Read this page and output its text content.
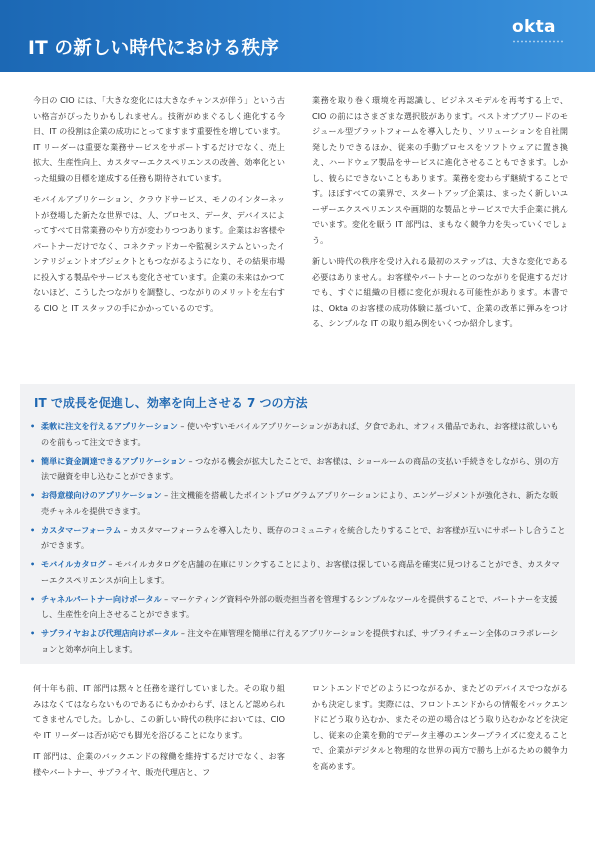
IT の新しい時代における秩序
okta

今日の CIO には、「大きな変化には大きなチャンスが伴う」という古い格言がぴったりかもしれません。技術がめまぐるしく進化する今日、IT の役割は企業の成功にとってますます重要性を増しています。IT リーダーは重要な業務サービスをサポートするだけでなく、売上拡大、生産性向上、カスタマーエクスペリエンスの改善、効率化といった組織の目標を達成する任務も期待されています。

モバイルアプリケーション、クラウドサービス、モノのインターネットが登場した新たな世界では、人、プロセス、データ、デバイスによってすべて日常業務のやり方が変わりつつあります。企業はお客様やパートナーだけでなく、コネクテッドカーや監視システムといったインテリジェントオブジェクトともつながるようになり、その結果市場に投入する製品やサービスも変化させています。企業の未来はかつてないほど、こうしたつながりを調整し、つながりのメリットを左右する CIO と IT スタッフの手にかかっているのです。

業務を取り巻く環境を再認識し、ビジネスモデルを再考する上で、CIO の前にはさまざまな選択肢があります。ベストオブブリードのモジュール型プラットフォームを導入したり、ソリューションを自社開発したりできるほか、従来の手動プロセスをソフトウェアに置き換え、ハードウェア製品をサービスに進化させることもできます。しかし、彼らにできないこともあります。業務を変わらず継続することです。ほぼすべての業界で、スタートアップ企業は、まったく新しいユーザーエクスペリエンスや画期的な製品とサービスで大手企業に挑んでいます。変化を厭う IT 部門は、まもなく競争力を失っていくでしょう。

新しい時代の秩序を受け入れる最初のステップは、大きな変化である必要はありません。お客様やパートナーとのつながりを促進するだけでも、すぐに組織の目標に変化が現れる可能性があります。本書では、Okta のお客様の成功体験に基づいて、企業の改革に弾みをつける、シンプルな IT の取り組み例をいくつか紹介します。

IT で成長を促進し、効率を向上させる 7 つの方法
• 柔軟に注文を行えるアプリケーション – 使いやすいモバイルアプリケーションがあれば、夕食であれ、オフィス備品であれ、お客様は欲しいものを前もって注文できます。
• 簡単に資金調達できるアプリケーション – つながる機会が拡大したことで、お客様は、ショールームの商品の支払い手続きをしながら、別の方法で融資を申し込むことができます。
• お得意様向けのアプリケーション – 注文機能を搭載したポイントプログラムアプリケーションにより、エンゲージメントが強化され、新たな販売チャネルを提供できます。
• カスタマーフォーラム – カスタマーフォーラムを導入したり、既存のコミュニティを統合したりすることで、お客様が互いにサポートし合うことができます。
• モバイルカタログ – モバイルカタログを店舗の在庫にリンクすることにより、お客様は探している商品を確実に見つけることができ、カスタマーエクスペリエンスが向上します。
• チャネルパートナー向けポータル – マーケティング資料や外部の販売担当者を管理するシンプルなツールを提供することで、パートナーを支援し、生産性を向上させることができます。
• サプライヤおよび代理店向けポータル – 注文や在庫管理を簡単に行えるアプリケーションを提供すれば、サプライチェーン全体のコラボレーションと効率が向上します。

何十年も前、IT 部門は黙々と任務を遂行していました。その取り組みはなくてはならないものであるにもかかわらず、ほとんど認められてきませんでした。しかし、この新しい時代の秩序においては、CIO や IT リーダーは否が応でも脚光を浴びることになります。

IT 部門は、企業のバックエンドの稼働を維持するだけでなく、お客様やパートナー、サプライヤ、販売代理店と、フ

ロントエンドでどのようにつながるか、またどのデバイスでつながるかも決定します。実際には、フロントエンドからの情報をバックエンドにどう取り込むか、またその逆の場合はどう取り込むかなどを決定し、従来の企業を動的でデータ主導のエンタープライズに変えることで、企業がデジタルと物理的な世界の両方で勝ち上がるための競争力を高めます。
